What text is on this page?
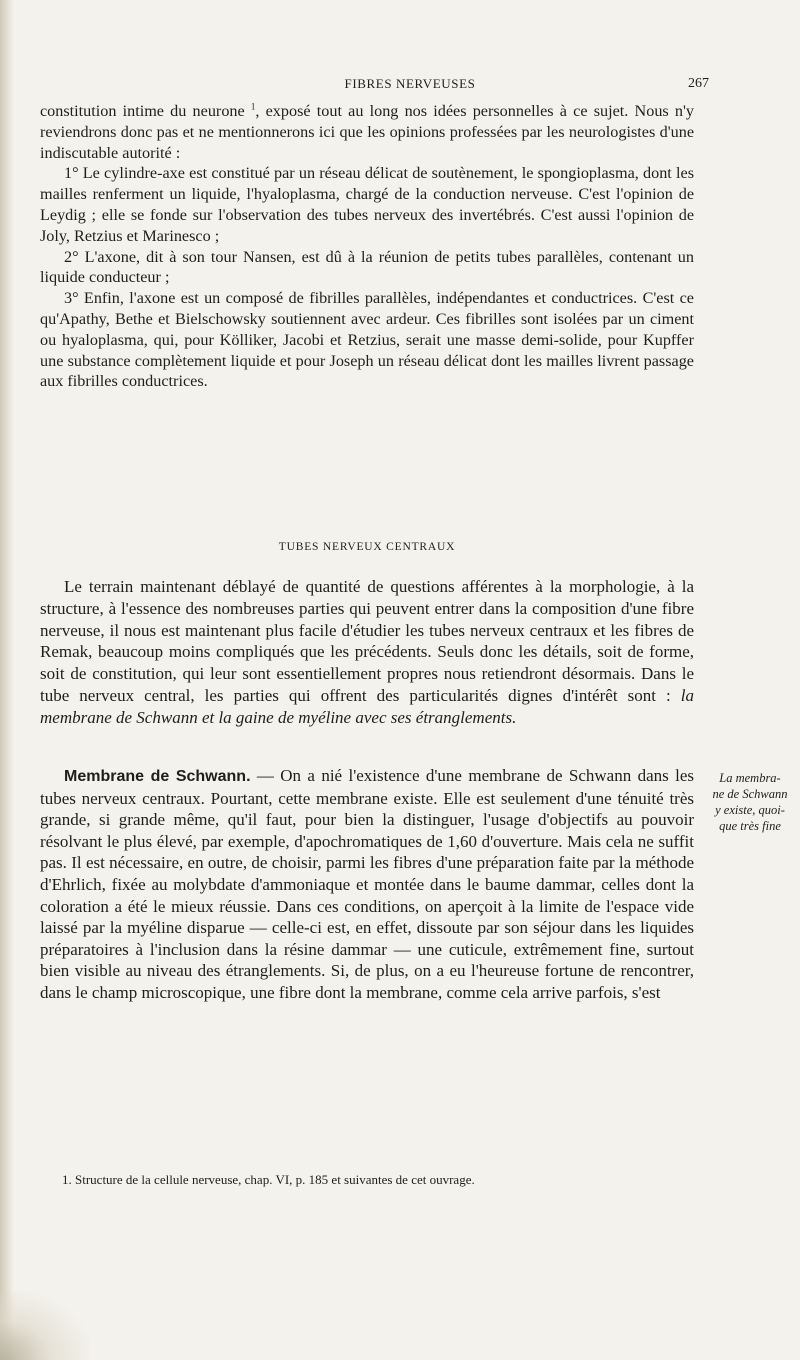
FIBRES NERVEUSES	267

constitution intime du neurone $^1$, exposé tout au long nos idées personnelles à ce sujet. Nous n'y reviendrons donc pas et ne mentionnerons ici que les opinions professées par les neurologistes d'une indiscutable autorité :

1° Le cylindre-axe est constitué par un réseau délicat de soutènement, le spongioplasma, dont les mailles renferment un liquide, l'hyaloplasma, chargé de la conduction nerveuse. C'est l'opinion de Leydig ; elle se fonde sur l'observation des tubes nerveux des invertébrés. C'est aussi l'opinion de Joly, Retzius et Marinesco ;

2° L'axone, dit à son tour Nansen, est dû à la réunion de petits tubes parallèles, contenant un liquide conducteur ;

3° Enfin, l'axone est un composé de fibrilles parallèles, indépendantes et conductrices. C'est ce qu'Apathy, Bethe et Bielschowsky soutiennent avec ardeur. Ces fibrilles sont isolées par un ciment ou hyaloplasma, qui, pour Kölliker, Jacobi et Retzius, serait une masse demi-solide, pour Kupffer une substance complètement liquide et pour Joseph un réseau délicat dont les mailles livrent passage aux fibrilles conductrices.

TUBES NERVEUX CENTRAUX

Le terrain maintenant déblayé de quantité de questions afférentes à la morphologie, à la structure, à l'essence des nombreuses parties qui peuvent entrer dans la composition d'une fibre nerveuse, il nous est maintenant plus facile d'étudier les tubes nerveux centraux et les fibres de Remak, beaucoup moins compliqués que les précédents. Seuls donc les détails, soit de forme, soit de constitution, qui leur sont essentiellement propres nous retiendront désormais. Dans le tube nerveux central, les parties qui offrent des particularités dignes d'intérêt sont : la membrane de Schwann et la gaine de myéline avec ses étranglements.

Membrane de Schwann. — On a nié l'existence d'une membrane de Schwann dans les tubes nerveux centraux. Pourtant, cette membrane existe. Elle est seulement d'une ténuité très grande, si grande même, qu'il faut, pour bien la distinguer, l'usage d'objectifs au pouvoir résolvant le plus élevé, par exemple, d'apochromatiques de 1,60 d'ouverture. Mais cela ne suffit pas. Il est nécessaire, en outre, de choisir, parmi les fibres d'une préparation faite par la méthode d'Ehrlich, fixée au molybdate d'ammoniaque et montée dans le baume dammar, celles dont la coloration a été le mieux réussie. Dans ces conditions, on aperçoit à la limite de l'espace vide laissé par la myéline disparue — celle-ci est, en effet, dissoute par son séjour dans les liquides préparatoires à l'inclusion dans la résine dammar — une cuticule, extrêmement fine, surtout bien visible au niveau des étranglements. Si, de plus, on a eu l'heureuse fortune de rencontrer, dans le champ microscopique, une fibre dont la membrane, comme cela arrive parfois, s'est

La membra-
ne de Schwann
y existe, quoi-
que très fine
1. Structure de la cellule nerveuse, chap. VI, p. 185 et suivantes de cet ouvrage.
